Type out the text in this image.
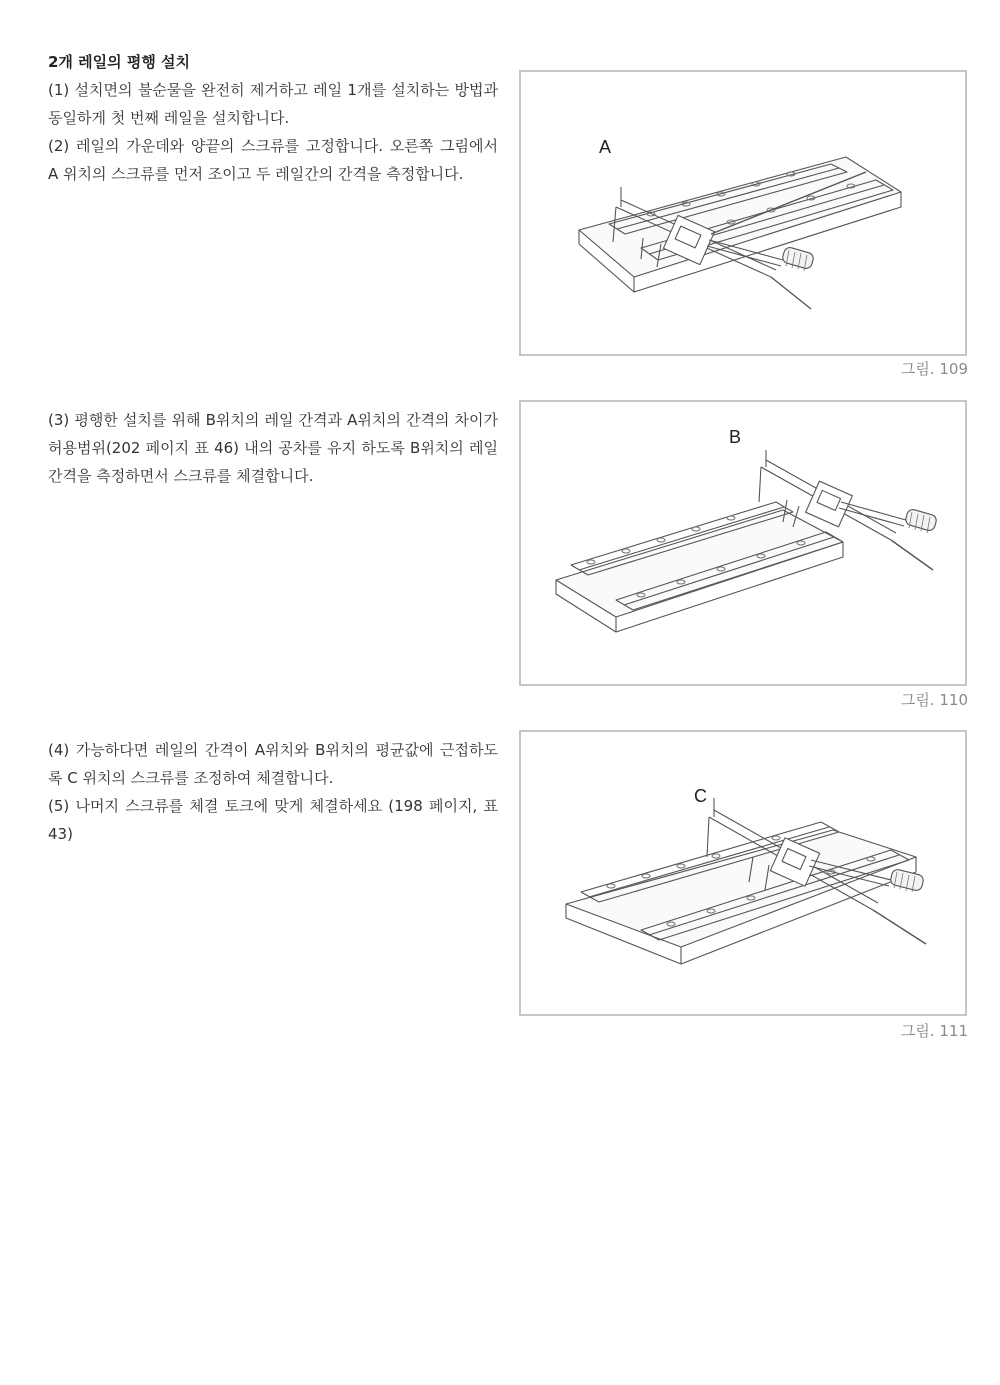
2개 레일의 평행 설치

(1) 설치면의 불순물을 완전히 제거하고 레일 1개를 설치하는 방법과 동일하게 첫 번째 레일을 설치합니다.

(2) 레일의 가운데와 양끝의 스크류를 고정합니다. 오른쪽 그림에서 A 위치의 스크류를 먼저 조이고 두 레일간의 간격을 측정합니다.

(3) 평행한 설치를 위해 B위치의 레일 간격과 A위치의 간격의 차이가 허용범위(202 페이지 표 46) 내의 공차를 유지 하도록 B위치의 레일 간격을 측정하면서 스크류를 체결합니다.

(4) 가능하다면 레일의 간격이 A위치와 B위치의 평균값에 근접하도록 C 위치의 스크류를 조정하여 체결합니다.

(5) 나머지 스크류를 체결 토크에 맞게 체결하세요 (198 페이지, 표 43)

A
그림. 109
B
그림. 110
C
그림. 111
